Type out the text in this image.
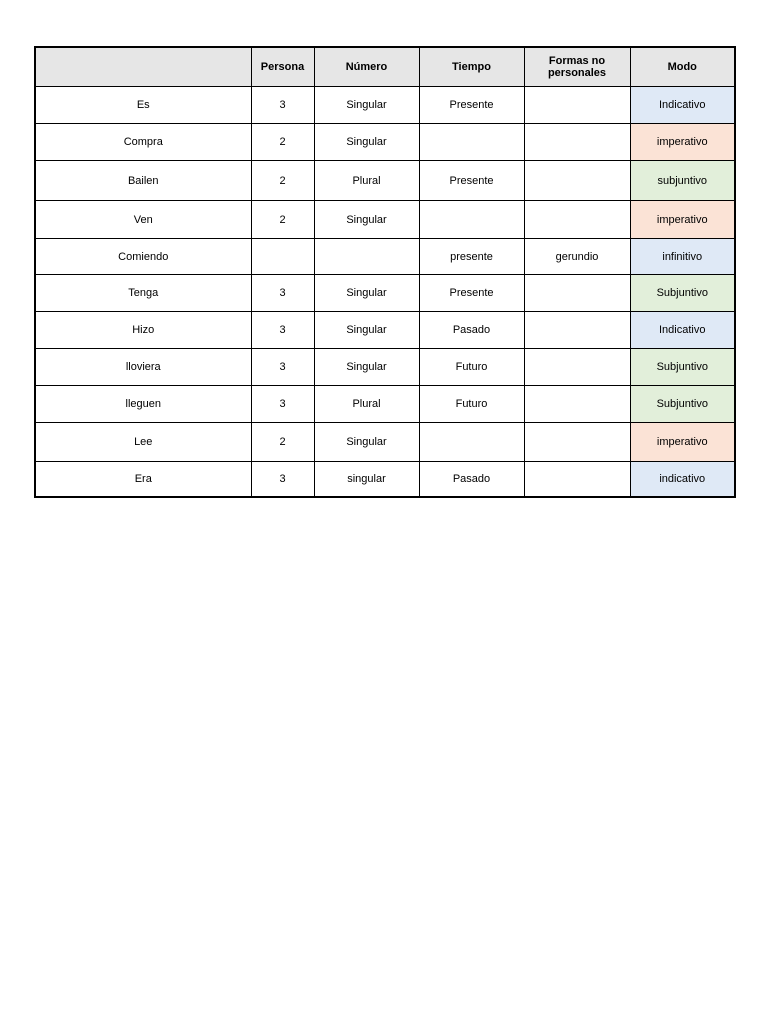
	Persona	Número	Tiempo	Formas no personales	Modo
Es	3	Singular	Presente		Indicativo
Compra	2	Singular			imperativo
Bailen	2	Plural	Presente		subjuntivo
Ven	2	Singular			imperativo
Comiendo			presente	gerundio	infinitivo
Tenga	3	Singular	Presente		Subjuntivo
Hizo	3	Singular	Pasado		Indicativo
lloviera	3	Singular	Futuro		Subjuntivo
lleguen	3	Plural	Futuro		Subjuntivo
Lee	2	Singular			imperativo
Era	3	singular	Pasado		indicativo
